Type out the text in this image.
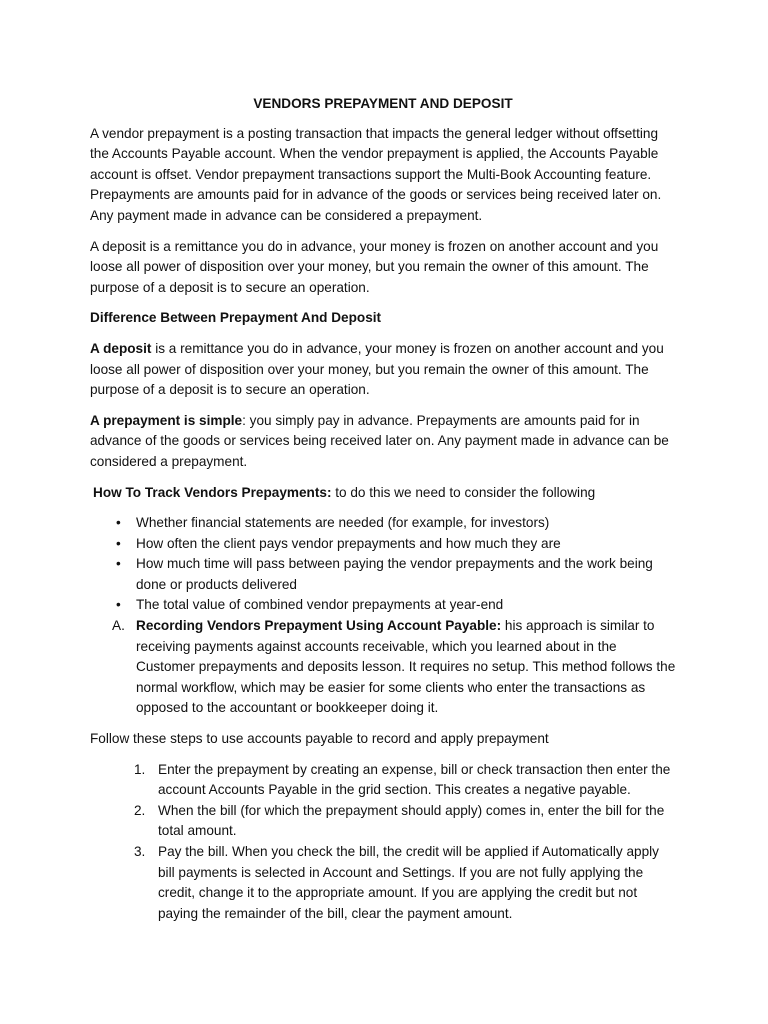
VENDORS PREPAYMENT AND DEPOSIT

A vendor prepayment is a posting transaction that impacts the general ledger without offsetting the Accounts Payable account. When the vendor prepayment is applied, the Accounts Payable account is offset. Vendor prepayment transactions support the Multi-Book Accounting feature. Prepayments are amounts paid for in advance of the goods or services being received later on. Any payment made in advance can be considered a prepayment.

A deposit is a remittance you do in advance, your money is frozen on another account and you loose all power of disposition over your money, but you remain the owner of this amount. The purpose of a deposit is to secure an operation.

Difference Between Prepayment And Deposit

A deposit is a remittance you do in advance, your money is frozen on another account and you loose all power of disposition over your money, but you remain the owner of this amount. The purpose of a deposit is to secure an operation.

A prepayment is simple: you simply pay in advance. Prepayments are amounts paid for in advance of the goods or services being received later on. Any payment made in advance can be considered a prepayment.

How To Track Vendors Prepayments: to do this we need to consider the following

• Whether financial statements are needed (for example, for investors)
• How often the client pays vendor prepayments and how much they are
• How much time will pass between paying the vendor prepayments and the work being done or products delivered
• The total value of combined vendor prepayments at year-end
A. Recording Vendors Prepayment Using Account Payable: his approach is similar to receiving payments against accounts receivable, which you learned about in the Customer prepayments and deposits lesson. It requires no setup. This method follows the normal workflow, which may be easier for some clients who enter the transactions as opposed to the accountant or bookkeeper doing it.

Follow these steps to use accounts payable to record and apply prepayment

1. Enter the prepayment by creating an expense, bill or check transaction then enter the account Accounts Payable in the grid section. This creates a negative payable.
2. When the bill (for which the prepayment should apply) comes in, enter the bill for the total amount.
3. Pay the bill. When you check the bill, the credit will be applied if Automatically apply bill payments is selected in Account and Settings. If you are not fully applying the credit, change it to the appropriate amount. If you are applying the credit but not paying the remainder of the bill, clear the payment amount.
